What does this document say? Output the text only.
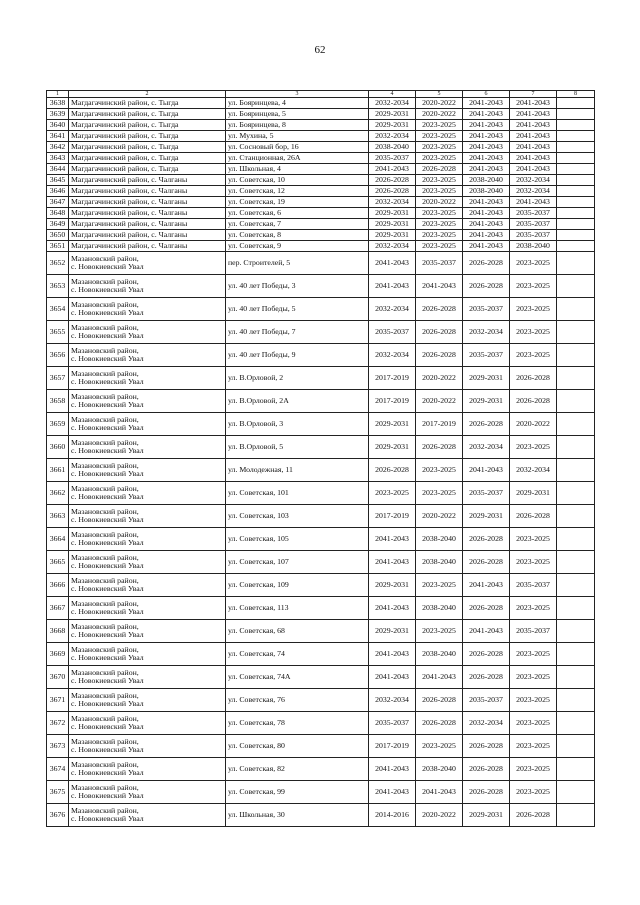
62
1	2	3	4	5	6	7	8
3638	Магдагачинский район, с. Тыгда	ул. Бояринцева, 4	2032-2034	2020-2022	2041-2043	2041-2043	
3639	Магдагачинский район, с. Тыгда	ул. Бояринцева, 5	2029-2031	2020-2022	2041-2043	2041-2043	
3640	Магдагачинский район, с. Тыгда	ул. Бояринцева, 8	2029-2031	2023-2025	2041-2043	2041-2043	
3641	Магдагачинский район, с. Тыгда	ул. Мухина, 5	2032-2034	2023-2025	2041-2043	2041-2043	
3642	Магдагачинский район, с. Тыгда	ул. Сосновый бор, 16	2038-2040	2023-2025	2041-2043	2041-2043	
3643	Магдагачинский район, с. Тыгда	ул. Станционная, 26А	2035-2037	2023-2025	2041-2043	2041-2043	
3644	Магдагачинский район, с. Тыгда	ул. Школьная, 4	2041-2043	2026-2028	2041-2043	2041-2043	
3645	Магдагачинский район, с. Чалганы	ул. Советская, 10	2026-2028	2023-2025	2038-2040	2032-2034	
3646	Магдагачинский район, с. Чалганы	ул. Советская, 12	2026-2028	2023-2025	2038-2040	2032-2034	
3647	Магдагачинский район, с. Чалганы	ул. Советская, 19	2032-2034	2020-2022	2041-2043	2041-2043	
3648	Магдагачинский район, с. Чалганы	ул. Советская, 6	2029-2031	2023-2025	2041-2043	2035-2037	
3649	Магдагачинский район, с. Чалганы	ул. Советская, 7	2029-2031	2023-2025	2041-2043	2035-2037	
3650	Магдагачинский район, с. Чалганы	ул. Советская, 8	2029-2031	2023-2025	2041-2043	2035-2037	
3651	Магдагачинский район, с. Чалганы	ул. Советская, 9	2032-2034	2023-2025	2041-2043	2038-2040	
3652	Мазановский район,
с. Новокиевский Увал	пер. Строителей, 5	2041-2043	2035-2037	2026-2028	2023-2025	
3653	Мазановский район,
с. Новокиевский Увал	ул. 40 лет Победы, 3	2041-2043	2041-2043	2026-2028	2023-2025	
3654	Мазановский район,
с. Новокиевский Увал	ул. 40 лет Победы, 5	2032-2034	2026-2028	2035-2037	2023-2025	
3655	Мазановский район,
с. Новокиевский Увал	ул. 40 лет Победы, 7	2035-2037	2026-2028	2032-2034	2023-2025	
3656	Мазановский район,
с. Новокиевский Увал	ул. 40 лет Победы, 9	2032-2034	2026-2028	2035-2037	2023-2025	
3657	Мазановский район,
с. Новокиевский Увал	ул. В.Орловой, 2	2017-2019	2020-2022	2029-2031	2026-2028	
3658	Мазановский район,
с. Новокиевский Увал	ул. В.Орловой, 2А	2017-2019	2020-2022	2029-2031	2026-2028	
3659	Мазановский район,
с. Новокиевский Увал	ул. В.Орловой, 3	2029-2031	2017-2019	2026-2028	2020-2022	
3660	Мазановский район,
с. Новокиевский Увал	ул. В.Орловой, 5	2029-2031	2026-2028	2032-2034	2023-2025	
3661	Мазановский район,
с. Новокиевский Увал	ул. Молодежная, 11	2026-2028	2023-2025	2041-2043	2032-2034	
3662	Мазановский район,
с. Новокиевский Увал	ул. Советская, 101	2023-2025	2023-2025	2035-2037	2029-2031	
3663	Мазановский район,
с. Новокиевский Увал	ул. Советская, 103	2017-2019	2020-2022	2029-2031	2026-2028	
3664	Мазановский район,
с. Новокиевский Увал	ул. Советская, 105	2041-2043	2038-2040	2026-2028	2023-2025	
3665	Мазановский район,
с. Новокиевский Увал	ул. Советская, 107	2041-2043	2038-2040	2026-2028	2023-2025	
3666	Мазановский район,
с. Новокиевский Увал	ул. Советская, 109	2029-2031	2023-2025	2041-2043	2035-2037	
3667	Мазановский район,
с. Новокиевский Увал	ул. Советская, 113	2041-2043	2038-2040	2026-2028	2023-2025	
3668	Мазановский район,
с. Новокиевский Увал	ул. Советская, 68	2029-2031	2023-2025	2041-2043	2035-2037	
3669	Мазановский район,
с. Новокиевский Увал	ул. Советская, 74	2041-2043	2038-2040	2026-2028	2023-2025	
3670	Мазановский район,
с. Новокиевский Увал	ул. Советская, 74А	2041-2043	2041-2043	2026-2028	2023-2025	
3671	Мазановский район,
с. Новокиевский Увал	ул. Советская, 76	2032-2034	2026-2028	2035-2037	2023-2025	
3672	Мазановский район,
с. Новокиевский Увал	ул. Советская, 78	2035-2037	2026-2028	2032-2034	2023-2025	
3673	Мазановский район,
с. Новокиевский Увал	ул. Советская, 80	2017-2019	2023-2025	2026-2028	2023-2025	
3674	Мазановский район,
с. Новокиевский Увал	ул. Советская, 82	2041-2043	2038-2040	2026-2028	2023-2025	
3675	Мазановский район,
с. Новокиевский Увал	ул. Советская, 99	2041-2043	2041-2043	2026-2028	2023-2025	
3676	Мазановский район,
с. Новокиевский Увал	ул. Школьная, 30	2014-2016	2020-2022	2029-2031	2026-2028	
